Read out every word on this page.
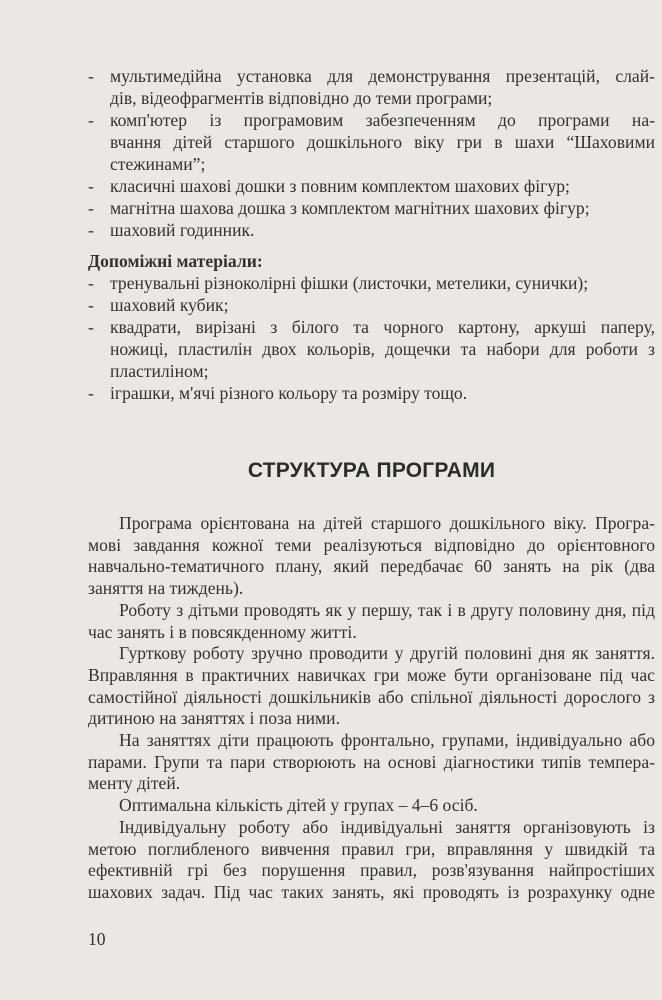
- мультимедійна установка для демонстрування презентацій, слай-
дів, відеофрагментів відповідно до теми програми;
- комп'ютер із програмовим забезпеченням до програми на-
вчання дітей старшого дошкільного віку гри в шахи “Шаховими
стежинами”;
- класичні шахові дошки з повним комплектом шахових фігур;
- магнітна шахова дошка з комплектом магнітних шахових фігур;
- шаховий годинник.
Допоміжні матеріали:
- тренувальні різноколірні фішки (листочки, метелики, сунички);
- шаховий кубик;
- квадрати, вирізані з білого та чорного картону, аркуші паперу,
ножиці, пластилін двох кольорів, дощечки та набори для роботи з
пластиліном;
- іграшки, м'ячі різного кольору та розміру тощо.
СТРУКТУРА ПРОГРАМИ
Програма орієнтована на дітей старшого дошкільного віку. Програ-
мові завдання кожної теми реалізуються відповідно до орієнтовного
навчально-тематичного плану, який передбачає 60 занять на рік (два
заняття на тиждень).
Роботу з дітьми проводять як у першу, так і в другу половину дня, під
час занять і в повсякденному житті.
Гурткову роботу зручно проводити у другій половині дня як заняття.
Вправляння в практичних навичках гри може бути організоване під час
самостійної діяльності дошкільників або спільної діяльності дорослого з
дитиною на заняттях і поза ними.
На заняттях діти працюють фронтально, групами, індивідуально або
парами. Групи та пари створюють на основі діагностики типів темпера-
менту дітей.
Оптимальна кількість дітей у групах – 4–6 осіб.
Індивідуальну роботу або індивідуальні заняття організовують із
метою поглибленого вивчення правил гри, вправляння у швидкій та
ефективній грі без порушення правил, розв'язування найпростіших
шахових задач. Під час таких занять, які проводять із розрахунку одне
10
